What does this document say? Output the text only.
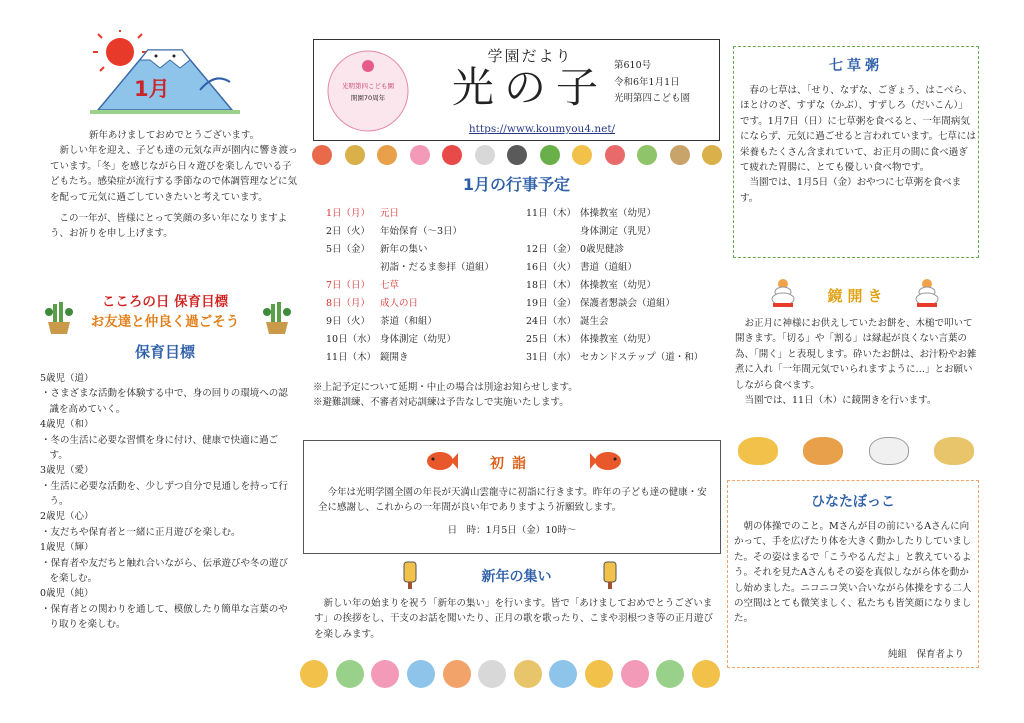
1月

新年あけましておめでとうございます。

新しい年を迎え、子ども達の元気な声が園内に響き渡っています。「冬」を感じながら日々遊びを楽しんでいる子どもたち。感染症が流行する季節なので体調管理などに気を配って元気に過ごしていきたいと考えています。

この一年が、皆様にとって笑顔の多い年になりますよう、お祈りを申し上げます。

こころの日 保育目標
お友達と仲良く過ごそう
保育目標
5歳児（道）
・さまざまな活動を体験する中で、身の回りの環境への認識を高めていく。
4歳児（和）
・冬の生活に必要な習慣を身に付け、健康で快適に過ごす。
3歳児（愛）
・生活に必要な活動を、少しずつ自分で見通しを持って行う。
2歳児（心）
・友だちや保育者と一緒に正月遊びを楽しむ。
1歳児（輝）
・保育者や友だちと触れ合いながら、伝承遊びや冬の遊びを楽しむ。
0歳児（純）
・保育者との関わりを通して、模倣したり簡単な言葉のやり取りを楽しむ。
光明第四こども園
開園70周年
学園だより
光の子 第610号
令和6年1月1日
光明第四こども園
https://www.koumyou4.net/
1月の行事予定
1日（月） 元日
2日（火） 年始保育（～3日）
5日（金） 新年の集い
初詣・だるま参拝（道組）
7日（日） 七草
8日（月） 成人の日
9日（火） 茶道（和組）
10日（水） 身体測定（幼児）
11日（木） 鏡開き
11日（木） 体操教室（幼児）
身体測定（乳児）
12日（金） 0歳児健診
16日（火） 書道（道組）
18日（木） 体操教室（幼児）
19日（金） 保護者懇談会（道組）
24日（水） 誕生会
25日（木） 体操教室（幼児）
31日（水） セカンドステップ（道・和）
※上記予定について延期・中止の場合は別途お知らせします。
※避難訓練、不審者対応訓練は予告なしで実施いたします。
初詣

今年は光明学園全園の年長が天満山雲龍寺に初詣に行きます。昨年の子ども達の健康・安全に感謝し、これからの一年間が良い年でありますよう祈願致します。

日　時：1月5日（金）10時～
新年の集い

新しい年の始まりを祝う「新年の集い」を行います。皆で「あけましておめでとうございます」の挨拶をし、干支のお話を聞いたり、正月の歌を歌ったり、こまや羽根つき等の正月遊びを楽しみます。

七草粥

春の七草は、「せり、なずな、ごぎょう、はこべら、ほとけのざ、すずな（かぶ）、すずしろ（だいこん）」です。1月7日（日）に七草粥を食べると、一年間病気にならず、元気に過ごせると言われています。七草には栄養もたくさん含まれていて、お正月の間に食べ過ぎて疲れた胃腸に、とても優しい食べ物です。

当園では、1月5日（金）おやつに七草粥を食べます。

鏡開き

お正月に神様にお供えしていたお餅を、木槌で叩いて開きます。「切る」や「割る」は縁起が良くない言葉の為、「開く」と表現します。砕いたお餅は、お汁粉やお雑煮に入れ「一年間元気でいられますように…」とお願いしながら食べます。

当園では、11日（木）に鏡開きを行います。

ひなたぼっこ

朝の体操でのこと。Mさんが目の前にいるAさんに向かって、手を広げたり体を大きく動かしたりしていました。その姿はまるで「こうやるんだよ」と教えているよう。それを見たAさんもその姿を真似しながら体を動かし始めました。ニコニコ笑い合いながら体操をする二人の空間はとても微笑ましく、私たちも皆笑顔になりました。

純組　保育者より
